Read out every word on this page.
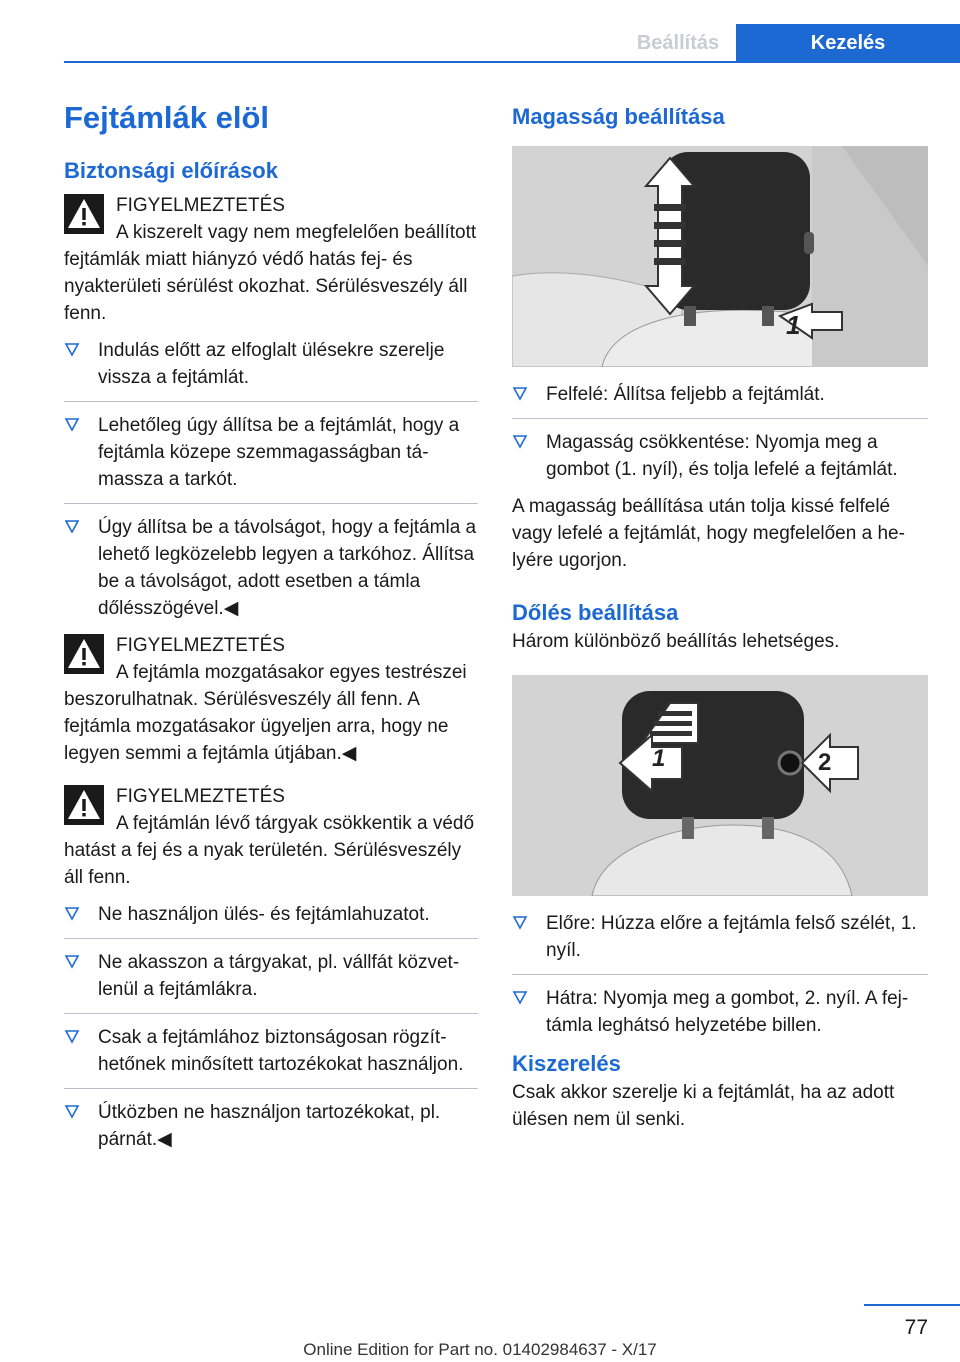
Beállítás	Kezelés
Fejtámlák elöl
Biztonsági előírások
FIGYELMEZTETÉS
A kiszerelt vagy nem megfelelően beállított fejtámlák miatt hiányzó védő hatás fej- és nyakterületi sérülést okozhat. Sérülésveszély áll fenn.
Indulás előtt az elfoglalt ülésekre szerelje vissza a fejtámlát.
Lehetőleg úgy állítsa be a fejtámlát, hogy a fejtámla közepe szemmagasságban támassza a tarkót.
Úgy állítsa be a távolságot, hogy a fejtámla a lehető legközelebb legyen a tarkóhoz. Állítsa be a távolságot, adott esetben a támla dőlésszögével.◀
FIGYELMEZTETÉS
A fejtámla mozgatásakor egyes testrészei beszorulhatnak. Sérülésveszély áll fenn. A fejtámla mozgatásakor ügyeljen arra, hogy ne legyen semmi a fejtámla útjában.◀
FIGYELMEZTETÉS
A fejtámlán lévő tárgyak csökkentik a védő hatást a fej és a nyak területén. Sérülésveszély áll fenn.
Ne használjon ülés- és fejtámlahuzatot.
Ne akasszon a tárgyakat, pl. vállfát közvetlenül a fejtámlákra.
Csak a fejtámlához biztonságosan rögzíthetőnek minősített tartozékokat használjon.
Útközben ne használjon tartozékokat, pl. párnát.◀
Magasság beállítása
1
Felfelé: Állítsa feljebb a fejtámlát.
Magasság csökkentése: Nyomja meg a gombot (1. nyíl), és tolja lefelé a fejtámlát.
A magasság beállítása után tolja kissé felfelé vagy lefelé a fejtámlát, hogy megfelelően a helyére ugorjon.
Dőlés beállítása
Három különböző beállítás lehetséges.
1	2
Előre: Húzza előre a fejtámla felső szélét, 1. nyíl.
Hátra: Nyomja meg a gombot, 2. nyíl. A fejtámla leghátsó helyzetébe billen.
Kiszerelés
Csak akkor szerelje ki a fejtámlát, ha az adott ülésen nem ül senki.
77
Online Edition for Part no. 01402984637 - X/17
